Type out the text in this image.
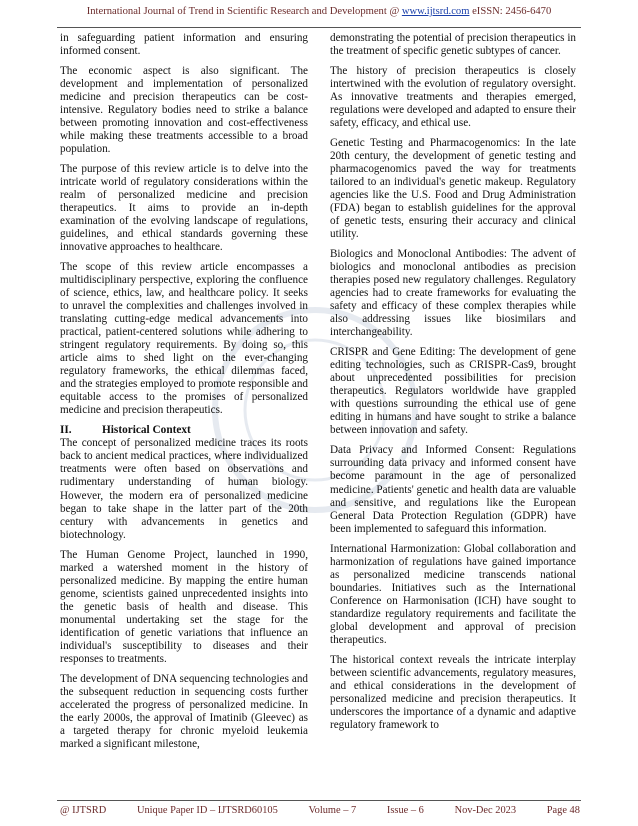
International Journal of Trend in Scientific Research and Development @ www.ijtsrd.com eISSN: 2456-6470

in safeguarding patient information and ensuring informed consent.

The economic aspect is also significant. The development and implementation of personalized medicine and precision therapeutics can be cost-intensive. Regulatory bodies need to strike a balance between promoting innovation and cost-effectiveness while making these treatments accessible to a broad population.

The purpose of this review article is to delve into the intricate world of regulatory considerations within the realm of personalized medicine and precision therapeutics. It aims to provide an in-depth examination of the evolving landscape of regulations, guidelines, and ethical standards governing these innovative approaches to healthcare.

The scope of this review article encompasses a multidisciplinary perspective, exploring the confluence of science, ethics, law, and healthcare policy. It seeks to unravel the complexities and challenges involved in translating cutting-edge medical advancements into practical, patient-centered solutions while adhering to stringent regulatory requirements. By doing so, this article aims to shed light on the ever-changing regulatory frameworks, the ethical dilemmas faced, and the strategies employed to promote responsible and equitable access to the promises of personalized medicine and precision therapeutics.

II.	Historical Context

The concept of personalized medicine traces its roots back to ancient medical practices, where individualized treatments were often based on observations and rudimentary understanding of human biology. However, the modern era of personalized medicine began to take shape in the latter part of the 20th century with advancements in genetics and biotechnology.

The Human Genome Project, launched in 1990, marked a watershed moment in the history of personalized medicine. By mapping the entire human genome, scientists gained unprecedented insights into the genetic basis of health and disease. This monumental undertaking set the stage for the identification of genetic variations that influence an individual's susceptibility to diseases and their responses to treatments.

The development of DNA sequencing technologies and the subsequent reduction in sequencing costs further accelerated the progress of personalized medicine. In the early 2000s, the approval of Imatinib (Gleevec) as a targeted therapy for chronic myeloid leukemia marked a significant milestone,

demonstrating the potential of precision therapeutics in the treatment of specific genetic subtypes of cancer.

The history of precision therapeutics is closely intertwined with the evolution of regulatory oversight. As innovative treatments and therapies emerged, regulations were developed and adapted to ensure their safety, efficacy, and ethical use.

Genetic Testing and Pharmacogenomics: In the late 20th century, the development of genetic testing and pharmacogenomics paved the way for treatments tailored to an individual's genetic makeup. Regulatory agencies like the U.S. Food and Drug Administration (FDA) began to establish guidelines for the approval of genetic tests, ensuring their accuracy and clinical utility.

Biologics and Monoclonal Antibodies: The advent of biologics and monoclonal antibodies as precision therapies posed new regulatory challenges. Regulatory agencies had to create frameworks for evaluating the safety and efficacy of these complex therapies while also addressing issues like biosimilars and interchangeability.

CRISPR and Gene Editing: The development of gene editing technologies, such as CRISPR-Cas9, brought about unprecedented possibilities for precision therapeutics. Regulators worldwide have grappled with questions surrounding the ethical use of gene editing in humans and have sought to strike a balance between innovation and safety.

Data Privacy and Informed Consent: Regulations surrounding data privacy and informed consent have become paramount in the age of personalized medicine. Patients' genetic and health data are valuable and sensitive, and regulations like the European General Data Protection Regulation (GDPR) have been implemented to safeguard this information.

International Harmonization: Global collaboration and harmonization of regulations have gained importance as personalized medicine transcends national boundaries. Initiatives such as the International Conference on Harmonisation (ICH) have sought to standardize regulatory requirements and facilitate the global development and approval of precision therapeutics.

The historical context reveals the intricate interplay between scientific advancements, regulatory measures, and ethical considerations in the development of personalized medicine and precision therapeutics. It underscores the importance of a dynamic and adaptive regulatory framework to

@ IJTSRD	Unique Paper ID – IJTSRD60105	Volume – 7	Issue – 6	Nov-Dec 2023	Page 48
